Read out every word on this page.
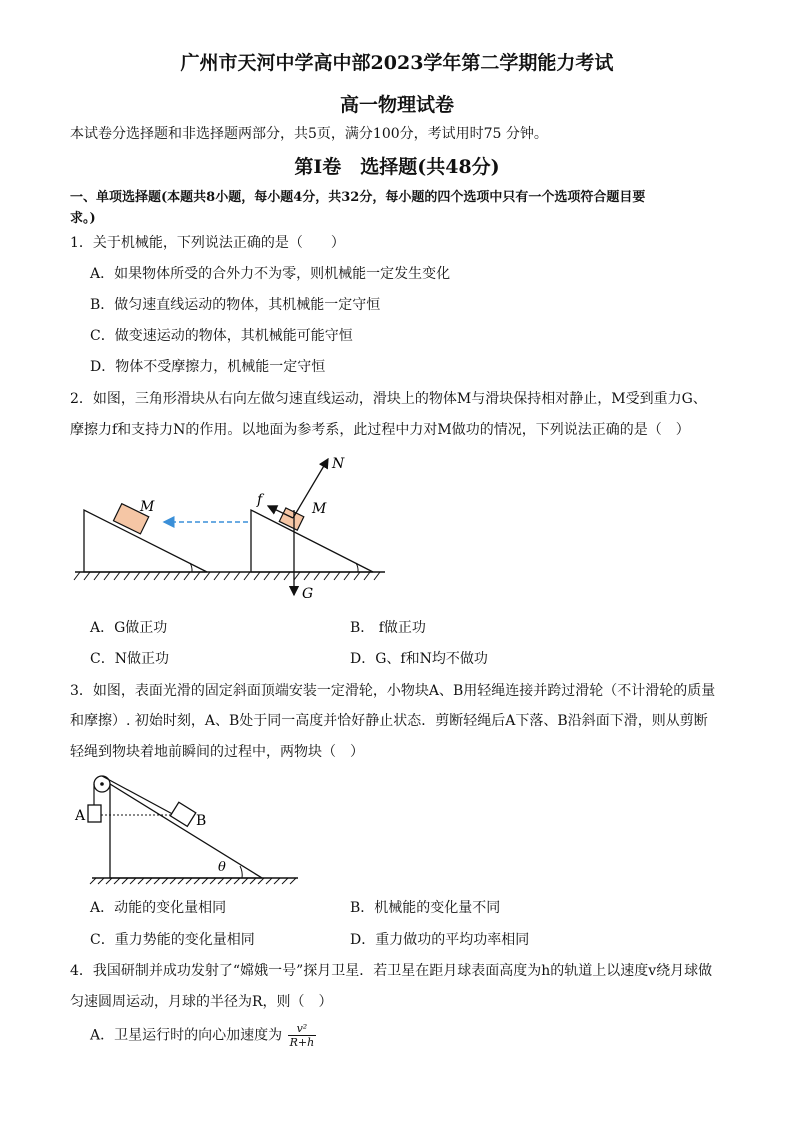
广州市天河中学高中部2023学年第二学期能力考试
高一物理试卷
本试卷分选择题和非选择题两部分，共5页，满分100分，考试用时75 分钟。
第Ⅰ卷　选择题(共48分)
一、单项选择题(本题共8小题，每小题4分，共32分，每小题的四个选项中只有一个选项符合题目要
求。)
1．关于机械能，下列说法正确的是（　　）
A．如果物体所受的合外力不为零，则机械能一定发生变化
B．做匀速直线运动的物体，其机械能一定守恒
C．做变速运动的物体，其机械能可能守恒
D．物体不受摩擦力，机械能一定守恒
2．如图，三角形滑块从右向左做匀速直线运动，滑块上的物体M与滑块保持相对静止，M受到重力G、
摩擦力f和支持力N的作用。以地面为参考系，此过程中力对M做功的情况，下列说法正确的是（　）
M	M
N
f
G
A．G做正功	B． f做正功
C．N做正功	D．G、f和N均不做功
3．如图，表面光滑的固定斜面顶端安装一定滑轮，小物块A、B用轻绳连接并跨过滑轮（不计滑轮的质量
和摩擦）. 初始时刻，A、B处于同一高度并恰好静止状态．剪断轻绳后A下落、B沿斜面下滑，则从剪断
轻绳到物块着地前瞬间的过程中，两物块（　）
θ
A	B
A．动能的变化量相同	B．机械能的变化量不同
C．重力势能的变化量相同	D．重力做功的平均功率相同
4．我国研制并成功发射了“嫦娥一号”探月卫星．若卫星在距月球表面高度为h的轨道上以速度v绕月球做
匀速圆周运动，月球的半径为R，则（　）
A．卫星运行时的向心加速度为 $\frac{\text{v²}}{R+h}$
